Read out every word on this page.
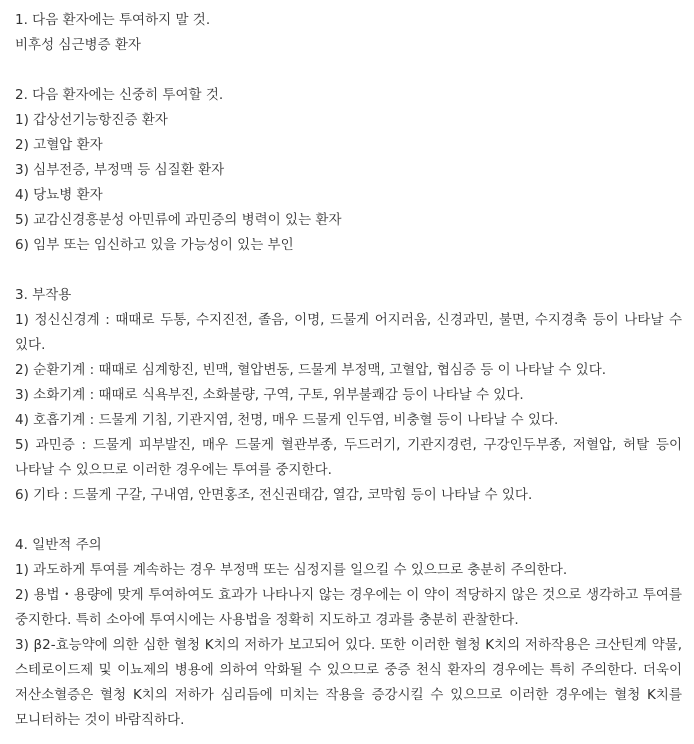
1. 다음 환자에는 투여하지 말 것.
비후성 심근병증 환자
2. 다음 환자에는 신중히 투여할 것.
1) 갑상선기능항진증 환자
2) 고혈압 환자
3) 심부전증, 부정맥 등 심질환 환자
4) 당뇨병 환자
5) 교감신경흥분성 아민류에 과민증의 병력이 있는 환자
6) 임부 또는 임신하고 있을 가능성이 있는 부인
3. 부작용
1) 정신신경계 : 때때로 두통, 수지진전, 졸음, 이명, 드물게 어지러움, 신경과민, 불면, 수지경축 등이 나타날 수 있다.
2) 순환기계 : 때때로 심계항진, 빈맥, 혈압변동, 드물게 부정맥, 고혈압, 협심증 등 이 나타날 수 있다.
3) 소화기계 : 때때로 식욕부진, 소화불량, 구역, 구토, 위부불쾌감 등이 나타날 수 있다.
4) 호흡기계 : 드물게 기침, 기관지염, 천명, 매우 드물게 인두염, 비충혈 등이 나타날 수 있다.
5) 과민증 : 드물게 피부발진, 매우 드물게 혈관부종, 두드러기, 기관지경련, 구강인두부종, 저혈압, 허탈 등이 나타날 수 있으므로 이러한 경우에는 투여를 중지한다.
6) 기타 : 드물게 구갈, 구내염, 안면홍조, 전신권태감, 열감, 코막힘 등이 나타날 수 있다.
4. 일반적 주의
1) 과도하게 투여를 계속하는 경우 부정맥 또는 심정지를 일으킬 수 있으므로 충분히 주의한다.
2) 용법・용량에 맞게 투여하여도 효과가 나타나지 않는 경우에는 이 약이 적당하지 않은 것으로 생각하고 투여를 중지한다. 특히 소아에 투여시에는 사용법을 정확히 지도하고 경과를 충분히 관찰한다.
3) β2-효능약에 의한 심한 혈청 K치의 저하가 보고되어 있다. 또한 이러한 혈청 K치의 저하작용은 크산틴계 약물, 스테로이드제 및 이뇨제의 병용에 의하여 악화될 수 있으므로 중증 천식 환자의 경우에는 특히 주의한다. 더욱이 저산소혈증은 혈청 K치의 저하가 심리듬에 미치는 작용을 증강시킬 수 있으므로 이러한 경우에는 혈청 K치를 모니터하는 것이 바람직하다.
